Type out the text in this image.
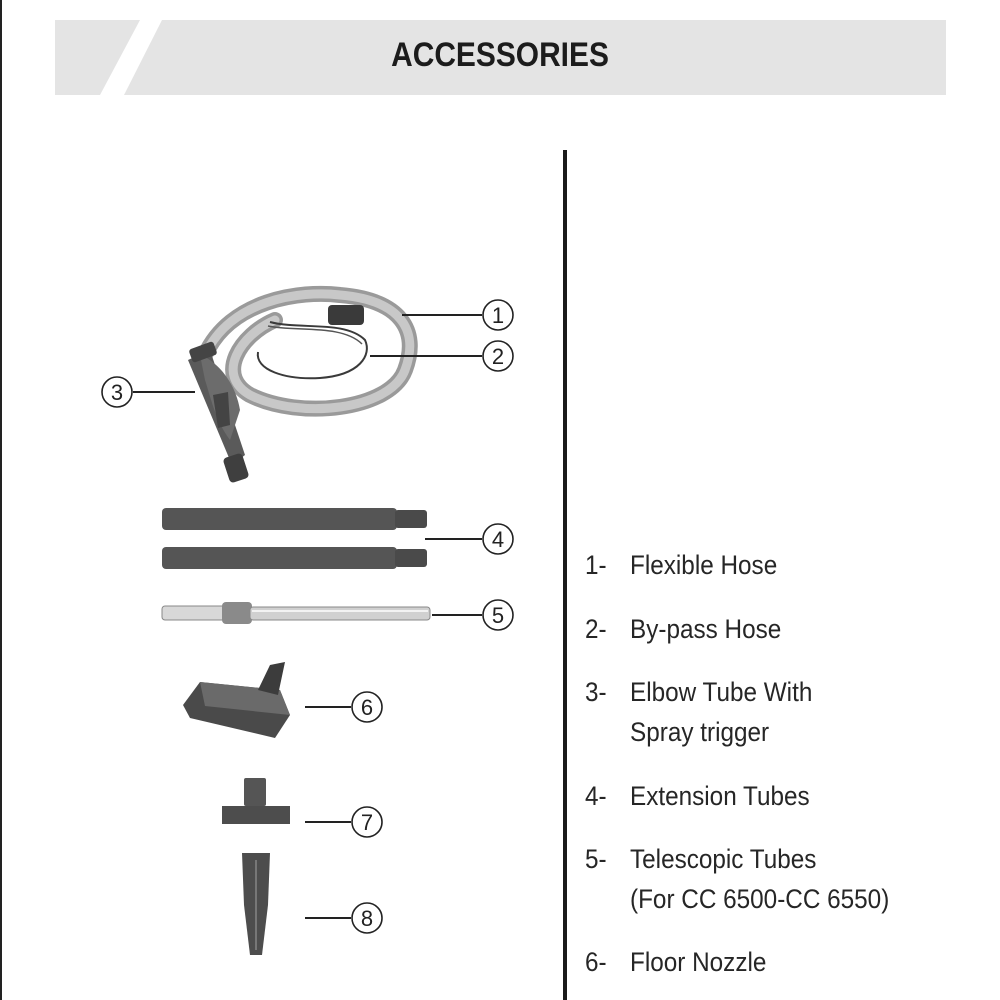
ACCESSORIES
1
2
3
4
5
6
7
8
1- Flexible Hose
2- By-pass Hose
3- Elbow Tube With
Spray trigger
4- Extension Tubes
5- Telescopic Tubes
(For CC 6500-CC 6550)
6- Floor Nozzle
